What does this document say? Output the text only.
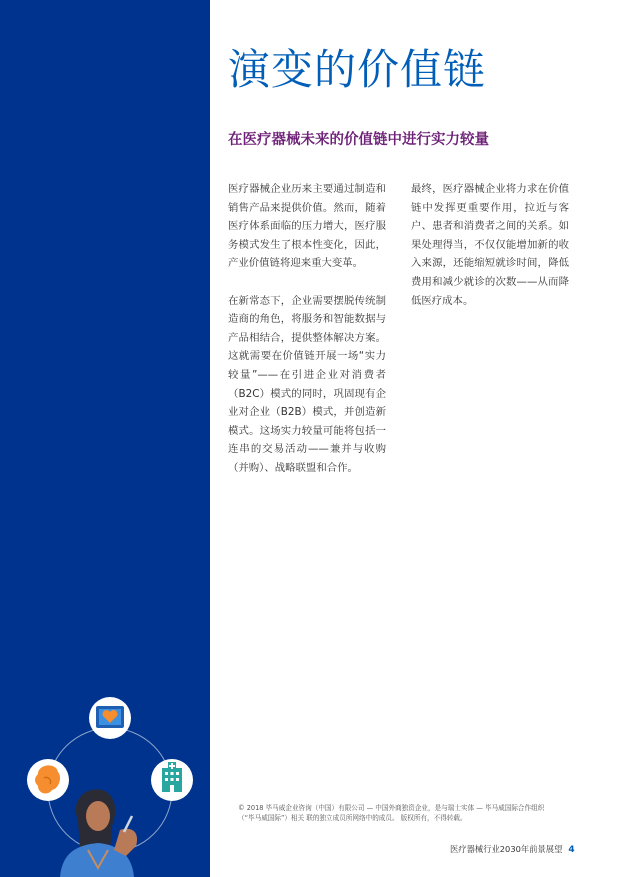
演变的价值链
在医疗器械未来的价值链中进行实力较量

医疗器械企业历来主要通过制造和销售产品来提供价值。然而，随着医疗体系面临的压力增大，医疗服务模式发生了根本性变化，因此，产业价值链将迎来重大变革。

在新常态下，企业需要摆脱传统制造商的角色，将服务和智能数据与产品相结合，提供整体解决方案。这就需要在价值链开展一场“实力较量”——在引进企业对消费者（B2C）模式的同时，巩固现有企业对企业（B2B）模式，并创造新模式。这场实力较量可能将包括一连串的交易活动——兼并与收购（并购）、战略联盟和合作。

最终，医疗器械企业将力求在价值链中发挥更重要作用，拉近与客户、患者和消费者之间的关系。如果处理得当，不仅仅能增加新的收入来源，还能缩短就诊时间，降低费用和减少就诊的次数——从而降低医疗成本。

© 2018 毕马威企业咨询（中国）有限公司 — 中国外商独资企业，是与瑞士实体 — 毕马威国际合作组织
（“毕马威国际”）相关 联的独立成员所网络中的成员。 版权所有，不得转载。
医疗器械行业2030年前景展望 4
